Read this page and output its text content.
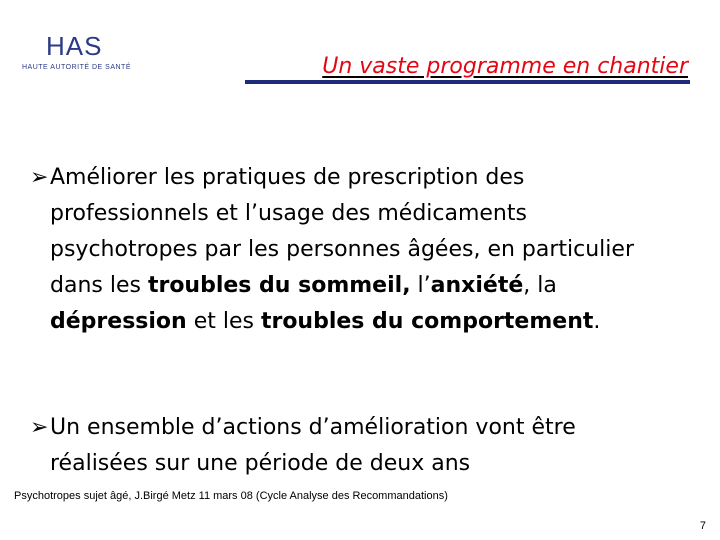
HAS
HAUTE AUTORITÉ DE SANTÉ	Un vaste programme en chantier
➢ Améliorer les pratiques de prescription des professionnels et l’usage des médicaments psychotropes par les personnes âgées, en particulier dans les troubles du sommeil, l’anxiété, la dépression et les troubles du comportement.
➢ Un ensemble d’actions d’amélioration vont être réalisées sur une période de deux ans
Psychotropes sujet âgé, J.Birgé Metz 11 mars 08 (Cycle Analyse des Recommandations)
7
